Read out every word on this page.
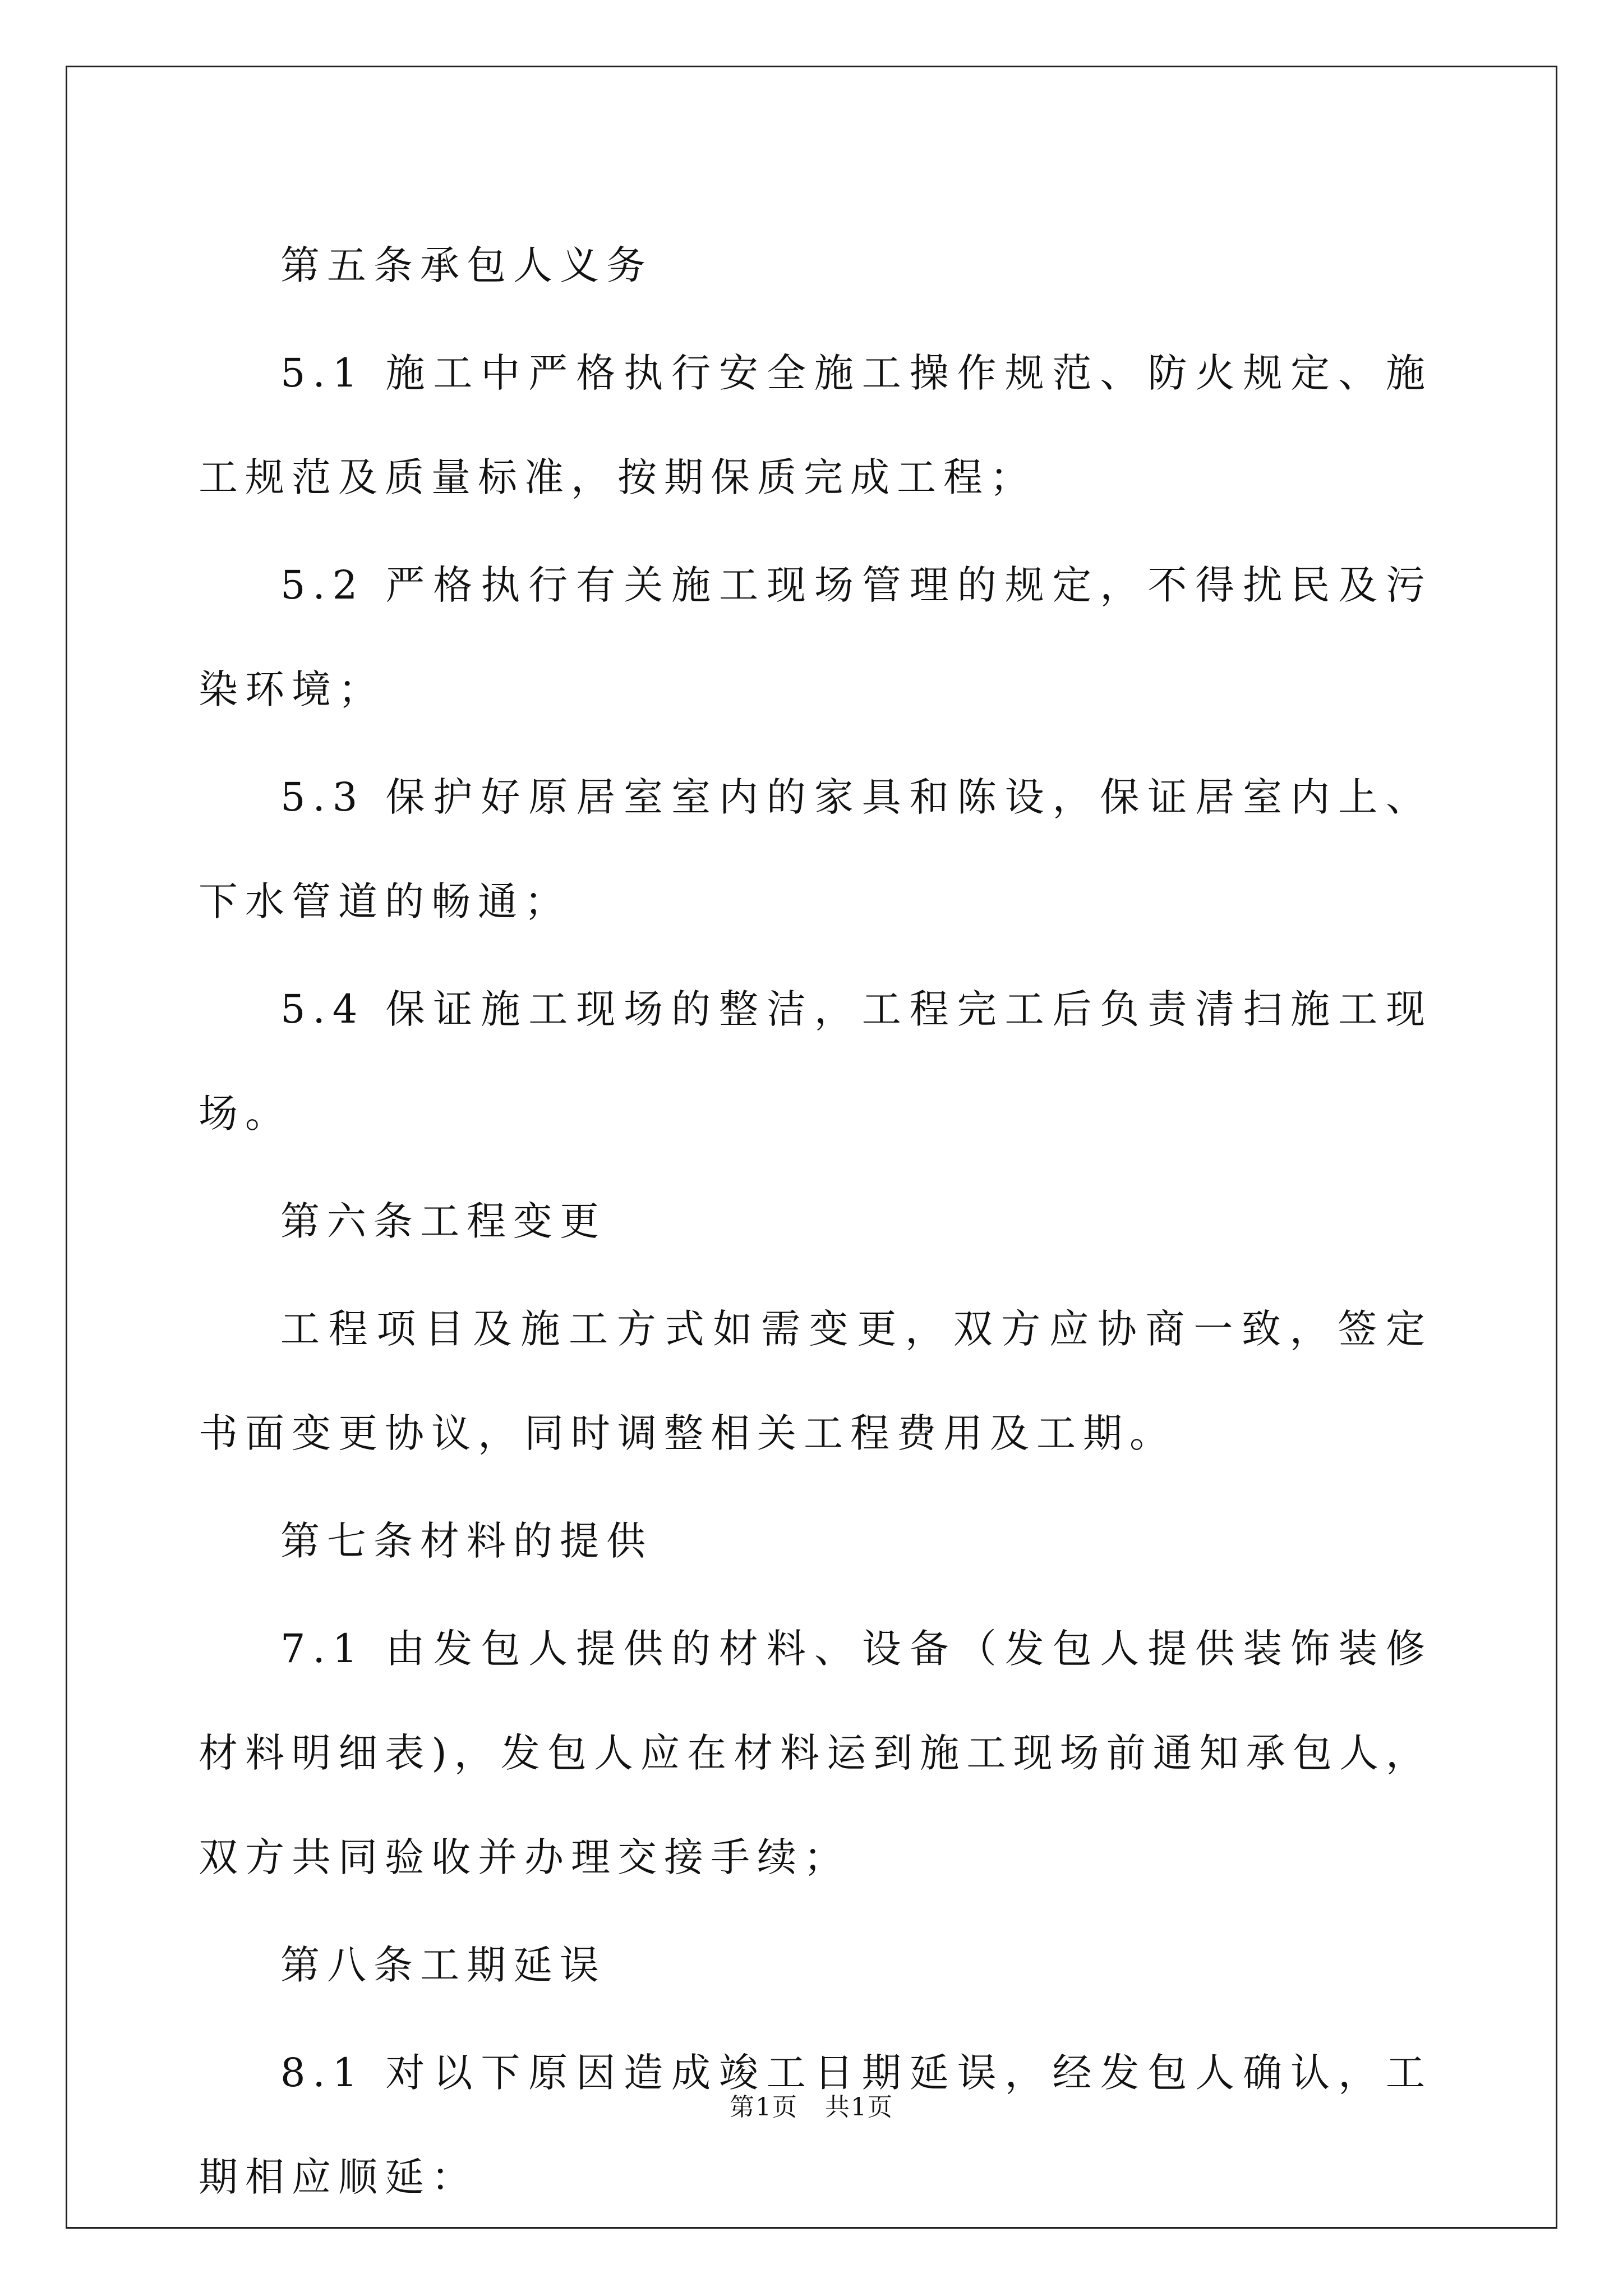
第五条承包人义务

5.1 施工中严格执行安全施工操作规范、防火规定、施工规范及质量标准，按期保质完成工程；

5.2 严格执行有关施工现场管理的规定，不得扰民及污染环境；

5.3 保护好原居室室内的家具和陈设，保证居室内上、下水管道的畅通；

5.4 保证施工现场的整洁，工程完工后负责清扫施工现场。

第六条工程变更

工程项目及施工方式如需变更，双方应协商一致，签定书面变更协议，同时调整相关工程费用及工期。

第七条材料的提供

7.1 由发包人提供的材料、设备（发包人提供装饰装修材料明细表)，发包人应在材料运到施工现场前通知承包人，双方共同验收并办理交接手续；

第八条工期延误

8.1 对以下原因造成竣工日期延误，经发包人确认，工期相应顺延：

第1页 共1页
